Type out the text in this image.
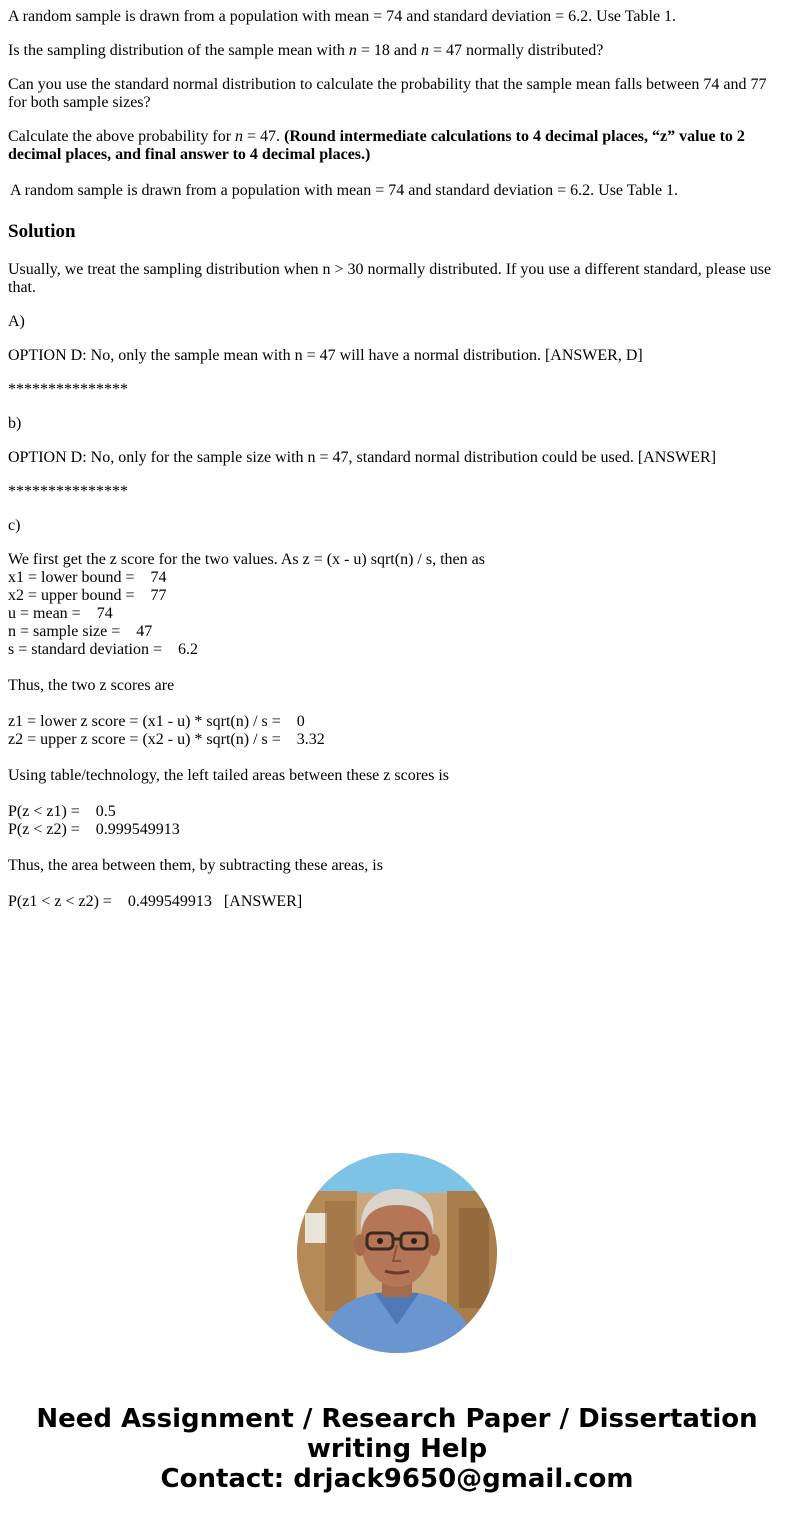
A random sample is drawn from a population with mean = 74 and standard deviation = 6.2. Use Table 1.

Is the sampling distribution of the sample mean with n = 18 and n = 47 normally distributed?

Can you use the standard normal distribution to calculate the probability that the sample mean falls between 74 and 77 for both sample sizes?

Calculate the above probability for n = 47. (Round intermediate calculations to 4 decimal places, “z” value to 2 decimal places, and final answer to 4 decimal places.)

A random sample is drawn from a population with mean = 74 and standard deviation = 6.2. Use Table 1.

Solution
Usually, we treat the sampling distribution when n > 30 normally distributed. If you use a different standard, please use that.
A)
OPTION D: No, only the sample mean with n = 47 will have a normal distribution. [ANSWER, D]
***************
b)
OPTION D: No, only for the sample size with n = 47, standard normal distribution could be used. [ANSWER]
***************
c)
We first get the z score for the two values. As z = (x - u) sqrt(n) / s, then as
x1 = lower bound =    74
x2 = upper bound =    77
u = mean =    74
n = sample size =    47
s = standard deviation =    6.2
Thus, the two z scores are
z1 = lower z score = (x1 - u) * sqrt(n) / s =    0
z2 = upper z score = (x2 - u) * sqrt(n) / s =    3.32
Using table/technology, the left tailed areas between these z scores is
P(z < z1) =    0.5
P(z < z2) =    0.999549913
Thus, the area between them, by subtracting these areas, is
P(z1 < z < z2) =    0.499549913   [ANSWER]
Need Assignment / Research Paper / Dissertation
writing Help
Contact: drjack9650@gmail.com
